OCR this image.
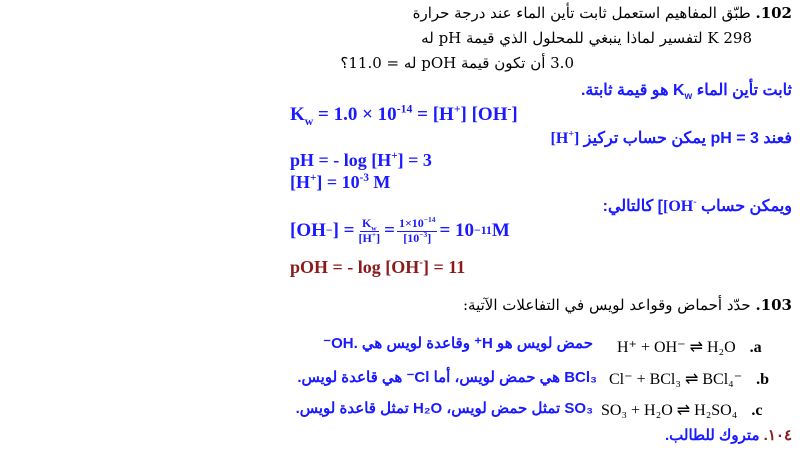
102. طبّق المفاهيم استعمل ثابت تأين الماء عند درجة حرارة
K 298 لتفسير لماذا ينبغي للمحلول الذي قيمة pH له
3.0 أن تكون قيمة pOH له = 11.0؟
ثابت تأين الماء $K_w$ هو قيمة ثابتة.
$K_w = 1.0 \times 10^{-14} = [H^+]$ [OH-]
فعند pH = 3 يمكن حساب تركيز [H+]
pH = - log [H+] = 3
$[H^+] = 10^{-3}$ M
ويمكن حساب [OH-] كالتالي:
[OH − ] = $\frac{K_w}{[H^+]} = \frac{1\times 10^{-14}}{[10^{-3}]} = 10 -11$ M
pOH = - log [OH-] = 11
103. حدّد أحماض وقواعد لويس في التفاعلات الآتية:
H⁺ + OH⁻ ⇌ H₂O .a
حمض لويس هو H⁺ وقاعدة لويس هي .OH⁻
Cl⁻ + BCl₃ ⇌ BCl₄⁻ .b
BCl₃ هي حمض لويس، أما Cl⁻ هي قاعدة لويس.
SO₃ + H₂O ⇌ H₂SO₄ .c
SO₃ تمثل حمض لويس، H₂O تمثل قاعدة لويس.
١٠٤. متروك للطالب.
